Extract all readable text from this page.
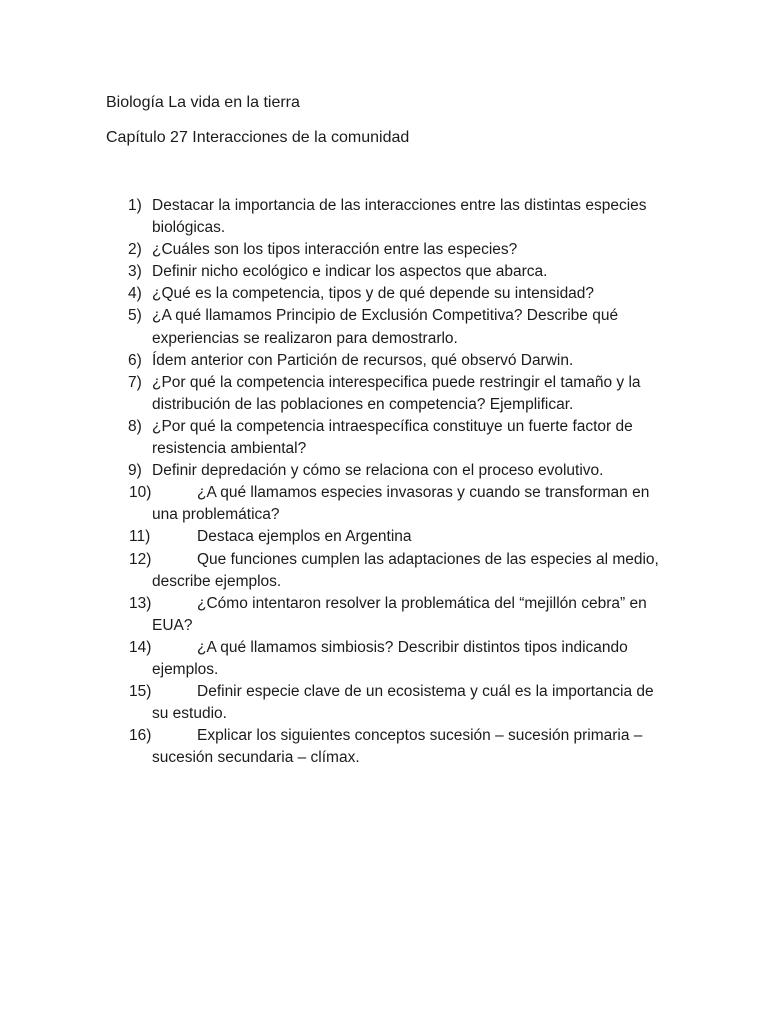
Biología La vida en la tierra
Capítulo 27 Interacciones de la comunidad
1) Destacar la importancia de las interacciones entre las distintas especies biológicas.
2) ¿Cuáles son los tipos interacción entre las especies?
3) Definir nicho ecológico e indicar los aspectos que abarca.
4) ¿Qué es la competencia, tipos y de qué depende su intensidad?
5) ¿A qué llamamos Principio de Exclusión Competitiva? Describe qué experiencias se realizaron para demostrarlo.
6) Ídem anterior con Partición de recursos, qué observó Darwin.
7) ¿Por qué la competencia interespecifica puede restringir el tamaño y la distribución de las poblaciones en competencia? Ejemplificar.
8) ¿Por qué la competencia intraespecífica constituye un fuerte factor de resistencia ambiental?
9) Definir depredación y cómo se relaciona con el proceso evolutivo.
10)	¿A qué llamamos especies invasoras y cuando se transforman en una problemática?
11)	Destaca ejemplos en Argentina
12)	Que funciones cumplen las adaptaciones de las especies al medio, describe ejemplos.
13)	¿Cómo intentaron resolver la problemática del “mejillón cebra” en EUA?
14)	¿A qué llamamos simbiosis? Describir distintos tipos indicando ejemplos.
15)	Definir especie clave de un ecosistema y cuál es la importancia de su estudio.
16)	Explicar los siguientes conceptos sucesión – sucesión primaria – sucesión secundaria – clímax.
